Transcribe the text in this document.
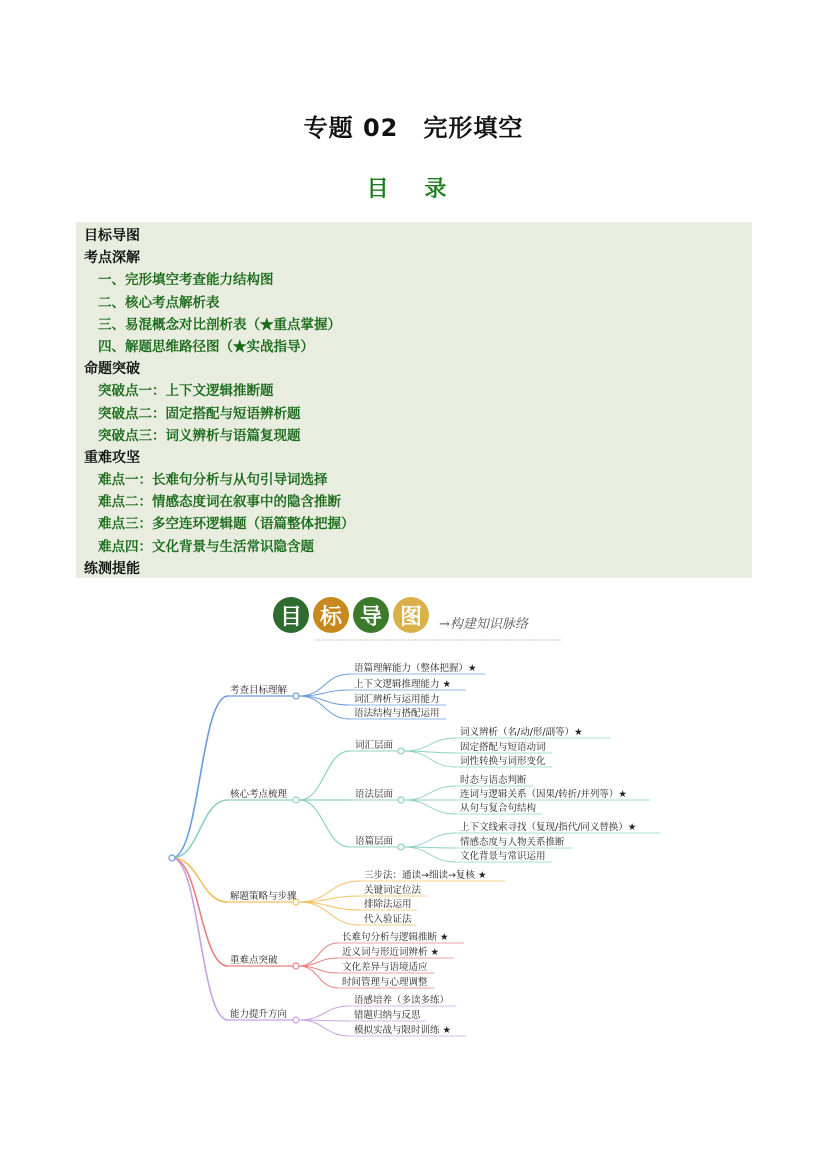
专题 02　完形填空
目 录
目标导图
考点深解
一、完形填空考查能力结构图
二、核心考点解析表
三、易混概念对比剖析表（★重点掌握）
四、解题思维路径图（★实战指导）
命题突破
突破点一：上下文逻辑推断题
突破点二：固定搭配与短语辨析题
突破点三：词义辨析与语篇复现题
重难攻坚
难点一：长难句分析与从句引导词选择
难点二：情感态度词在叙事中的隐含推断
难点三：多空连环逻辑题（语篇整体把握）
难点四：文化背景与生活常识隐含题
练测提能
目 标 导 图	→构建知识脉络
考查目标理解
语篇理解能力（整体把握）★
上下文逻辑推理能力 ★
词汇辨析与运用能力
语法结构与搭配运用
核心考点梳理
词汇层面
词义辨析（名/动/形/副等）★
固定搭配与短语动词
词性转换与词形变化
语法层面
时态与语态判断
连词与逻辑关系（因果/转折/并列等）★
从句与复合句结构
语篇层面
上下文线索寻找（复现/指代/同义替换）★
情感态度与人物关系推断
文化背景与常识运用
解题策略与步骤
三步法：通读→细读→复核 ★
关键词定位法
排除法运用
代入验证法
重难点突破
长难句分析与逻辑推断 ★
近义词与形近词辨析 ★
文化差异与语境适应
时间管理与心理调整
能力提升方向
语感培养（多读多练）
错题归纳与反思
模拟实战与限时训练 ★
